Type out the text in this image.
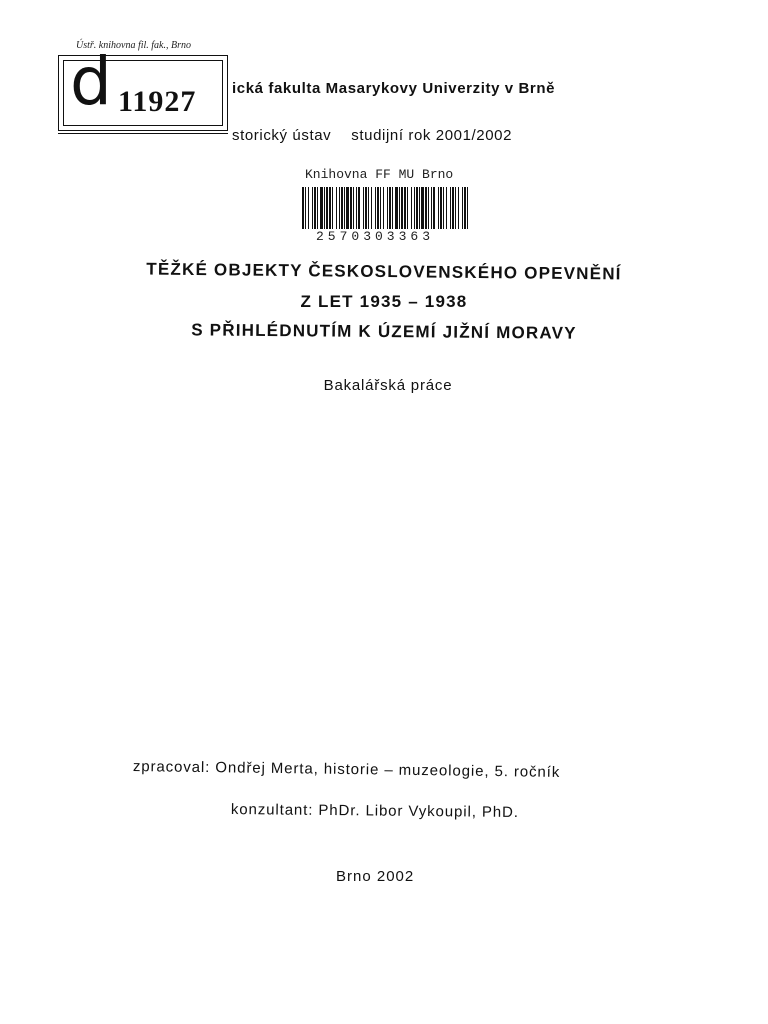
Ústř. knihovna fil. fak., Brno
d 11927 ická fakulta Masarykovy Univerzity v Brně
storický ústav studijní rok 2001/2002
Knihovna FF MU Brno
2570303363
TĚŽKÉ OBJEKTY ČESKOSLOVENSKÉHO OPEVNĚNÍ
Z LET 1935 – 1938
S PŘIHLÉDNUTÍM K ÚZEMÍ JIŽNÍ MORAVY
Bakalářská práce
zpracoval: Ondřej Merta, historie – muzeologie, 5. ročník
konzultant: PhDr. Libor Vykoupil, PhD.
Brno 2002
